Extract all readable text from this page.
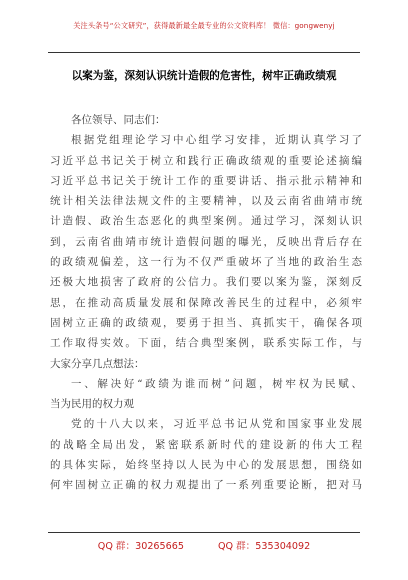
关注头条号“公文研究”，获得最新最全最专业的公文资料库！ 微信：gongwenyj
以案为鉴，深刻认识统计造假的危害性，树牢正确政绩观
各位领导、同志们：
根据党组理论学习中心组学习安排，近期认真学习了
习近平总书记关于树立和践行正确政绩观的重要论述摘编
习近平总书记关于统计工作的重要讲话、指示批示精神和
统计相关法律法规文件的主要精神，以及云南省曲靖市统
计造假、政治生态恶化的典型案例。通过学习，深刻认识
到，云南省曲靖市统计造假问题的曝光，反映出背后存在
的政绩观偏差，这一行为不仅严重破坏了当地的政治生态
还极大地损害了政府的公信力。我们要以案为鉴，深刻反
思，在推动高质量发展和保障改善民生的过程中，必须牢
固树立正确的政绩观，要勇于担当、真抓实干，确保各项
工作取得实效。下面，结合典型案例，联系实际工作，与
大家分享几点想法：
一、解决好“政绩为谁而树”问题，树牢权为民赋、
当为民用的权力观
党的十八大以来，习近平总书记从党和国家事业发展
的战略全局出发，紧密联系新时代的建设新的伟大工程
的具体实际，始终坚持以人民为中心的发展思想，围绕如
何牢固树立正确的权力观提出了一系列重要论断，把对马
QQ 群：30265665	QQ 群：535304092
